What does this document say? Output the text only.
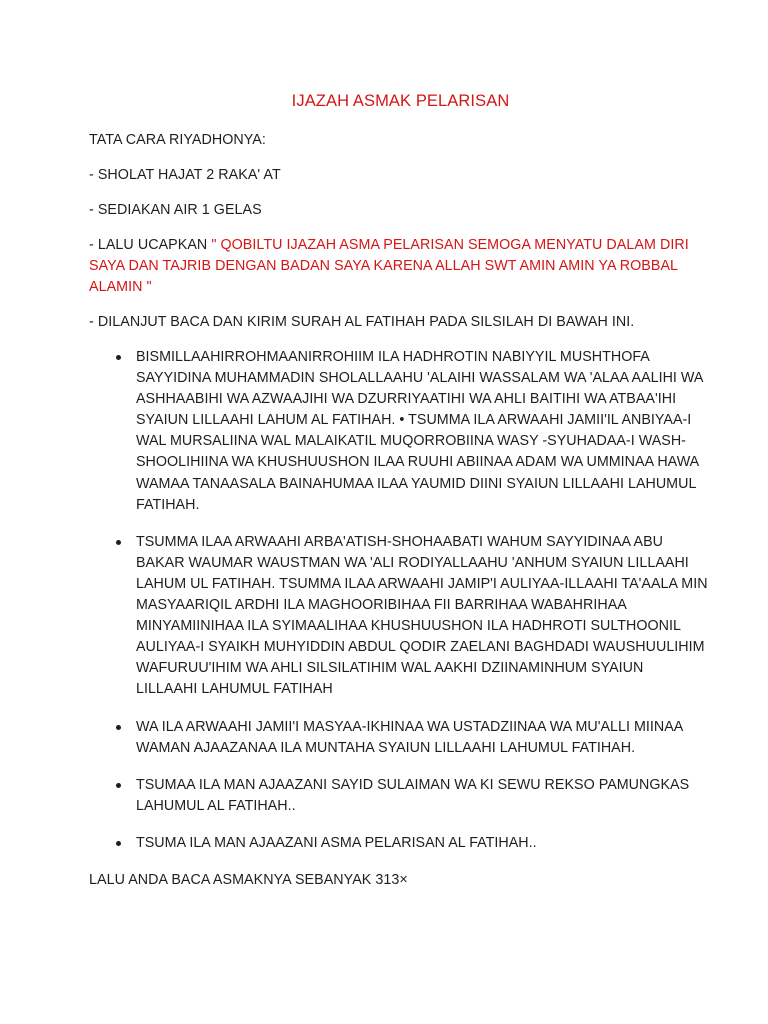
IJAZAH ASMAK PELARISAN

TATA CARA RIYADHONYA:

- SHOLAT HAJAT 2 RAKA' AT

- SEDIAKAN AIR 1 GELAS

- LALU UCAPKAN " QOBILTU IJAZAH ASMA PELARISAN SEMOGA MENYATU DALAM DIRI SAYA DAN TAJRIB DENGAN BADAN SAYA KARENA ALLAH SWT AMIN AMIN YA ROBBAL ALAMIN "

- DILANJUT BACA DAN KIRIM SURAH AL FATIHAH PADA SILSILAH DI BAWAH INI.

BISMILLAAHIRROHMAANIRROHIIM ILA HADHROTIN NABIYYIL MUSHTHOFA SAYYIDINA MUHAMMADIN SHOLALLAAHU 'ALAIHI WASSALAM WA 'ALAA AALIHI WA ASHHAABIHI WA AZWAAJIHI WA DZURRIYAATIHI WA AHLI BAITIHI WA ATBAA'IHI SYAIUN LILLAAHI LAHUM AL FATIHAH. • TSUMMA ILA ARWAAHI JAMII'IL ANBIYAA-I WAL MURSALIINA WAL MALAIKATIL MUQORROBIINA WASY -SYUHADAA-I WASH- SHOOLIHIINA WA KHUSHUUSHON ILAA RUUHI ABIINAA ADAM WA UMMINAA HAWA WAMAA TANAASALA BAINAHUMAA ILAA YAUMID DIINI SYAIUN LILLAAHI LAHUMUL FATIHAH.
TSUMMA ILAA ARWAAHI ARBA'ATISH-SHOHAABATI WAHUM SAYYIDINAA ABU BAKAR WAUMAR WAUSTMAN WA 'ALI RODIYALLAAHU 'ANHUM SYAIUN LILLAAHI LAHUM UL FATIHAH. TSUMMA ILAA ARWAAHI JAMIP'I AULIYAA-ILLAAHI TA'AALA MIN MASYAARIQIL ARDHI ILA MAGHOORIBIHAA FII BARRIHAA WABAHRIHAA MINYAMIINIHAA ILA SYIMAALIHAA KHUSHUUSHON ILA HADHROTI SULTHOONIL AULIYAA-I SYAIKH MUHYIDDIN ABDUL QODIR ZAELANI BAGHDADI WAUSHUULIHIM WAFURUU'IHIM WA AHLI SILSILATIHIM WAL AAKHI DZIINAMINHUM SYAIUN LILLAAHI LAHUMUL FATIHAH
WA ILA ARWAAHI JAMII'I MASYAA-IKHINAA WA USTADZIINAA WA MU'ALLI MIINAA WAMAN AJAAZANAA ILA MUNTAHA SYAIUN LILLAAHI LAHUMUL FATIHAH.
TSUMAA ILA MAN AJAAZANI SAYID SULAIMAN WA KI SEWU REKSO PAMUNGKAS LAHUMUL AL FATIHAH..
TSUMA ILA MAN AJAAZANI ASMA PELARISAN AL FATIHAH..

LALU ANDA BACA ASMAKNYA SEBANYAK 313×
